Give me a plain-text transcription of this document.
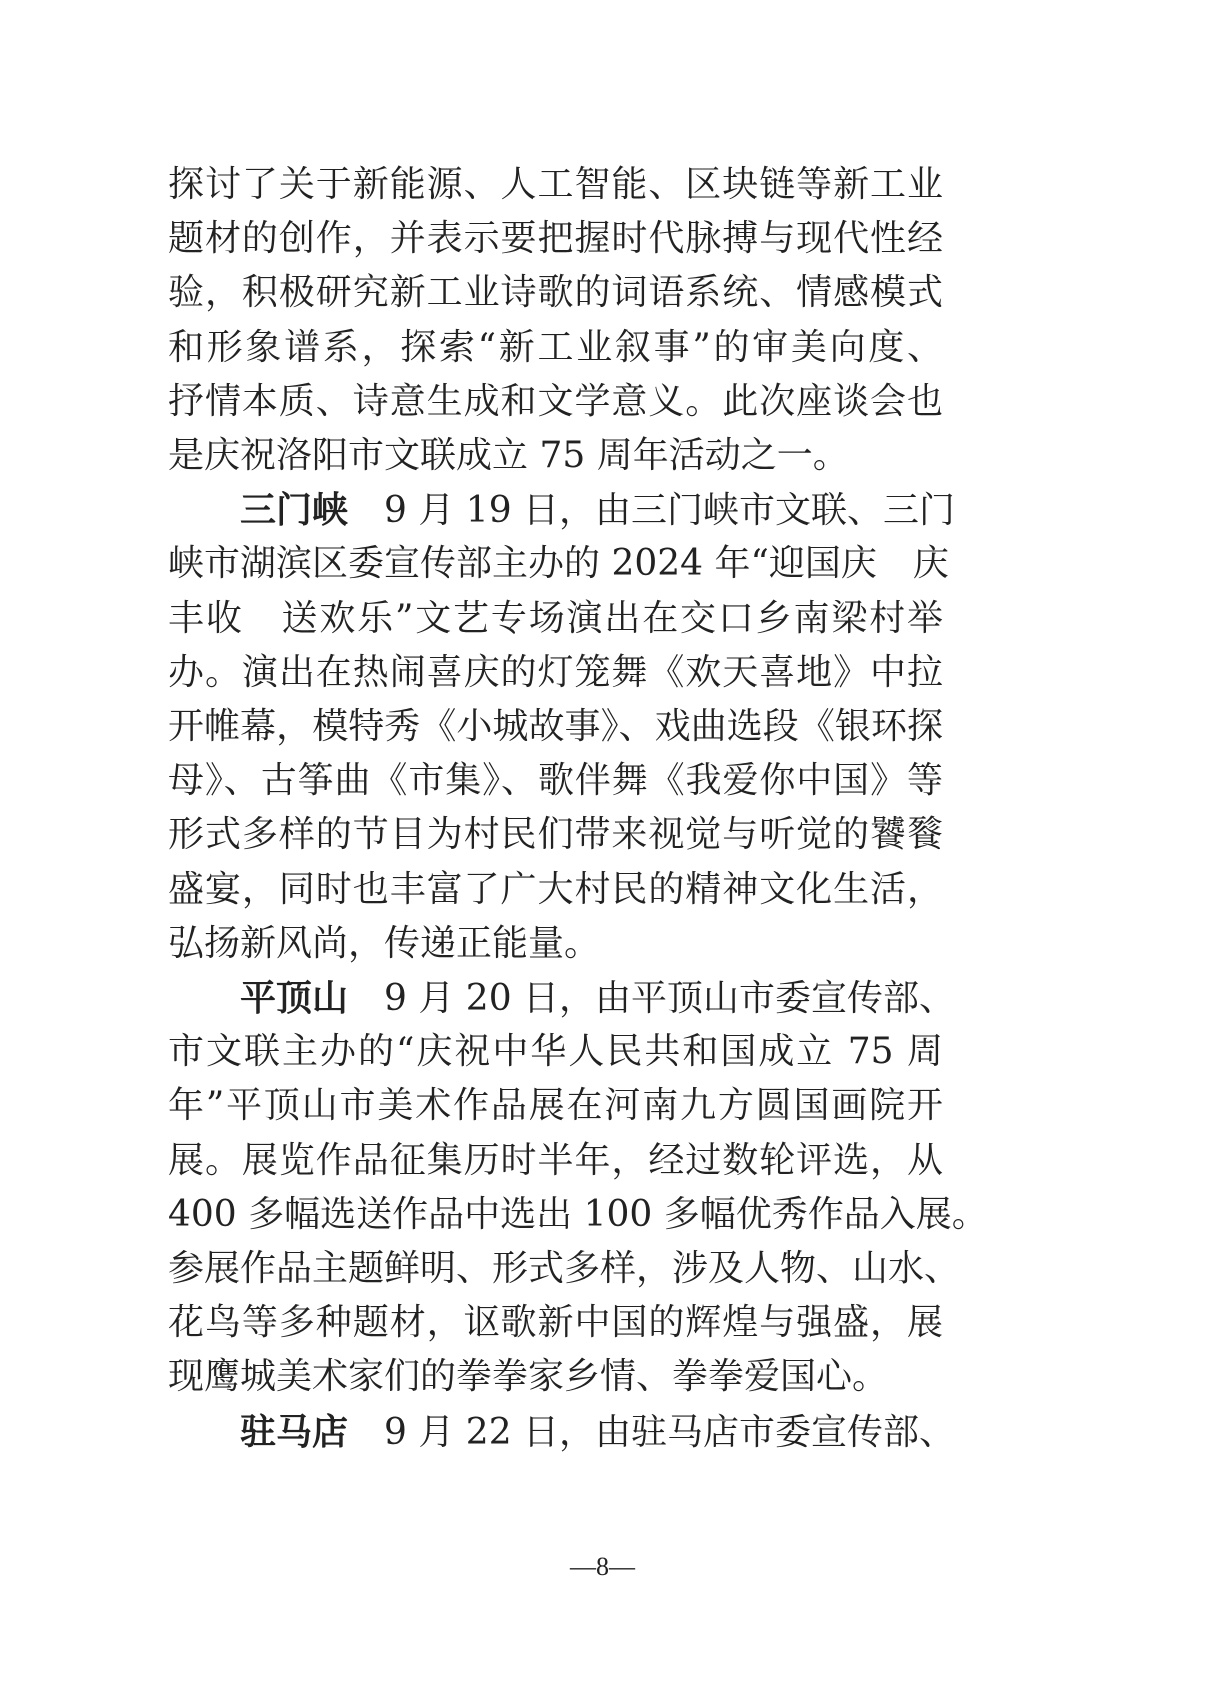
探讨了关于新能源、人工智能、区块链等新工业
题材的创作，并表示要把握时代脉搏与现代性经
验，积极研究新工业诗歌的词语系统、情感模式
和形象谱系，探索“新工业叙事”的审美向度、
抒情本质、诗意生成和文学意义。此次座谈会也
是庆祝洛阳市文联成立 75 周年活动之一。
三门峡　9 月 19 日，由三门峡市文联、三门
峡市湖滨区委宣传部主办的 2024 年“迎国庆　庆
丰收　送欢乐”文艺专场演出在交口乡南梁村举
办。演出在热闹喜庆的灯笼舞《欢天喜地》中拉
开帷幕，模特秀《小城故事》、戏曲选段《银环探
母》、古筝曲《市集》、歌伴舞《我爱你中国》等
形式多样的节目为村民们带来视觉与听觉的饕餮
盛宴，同时也丰富了广大村民的精神文化生活，
弘扬新风尚，传递正能量。
平顶山　9 月 20 日，由平顶山市委宣传部、
市文联主办的“庆祝中华人民共和国成立 75 周
年”平顶山市美术作品展在河南九方圆国画院开
展。展览作品征集历时半年，经过数轮评选，从
400 多幅选送作品中选出 100 多幅优秀作品入展。
参展作品主题鲜明、形式多样，涉及人物、山水、
花鸟等多种题材，讴歌新中国的辉煌与强盛，展
现鹰城美术家们的拳拳家乡情、拳拳爱国心。
驻马店　9 月 22 日，由驻马店市委宣传部、
—8—
